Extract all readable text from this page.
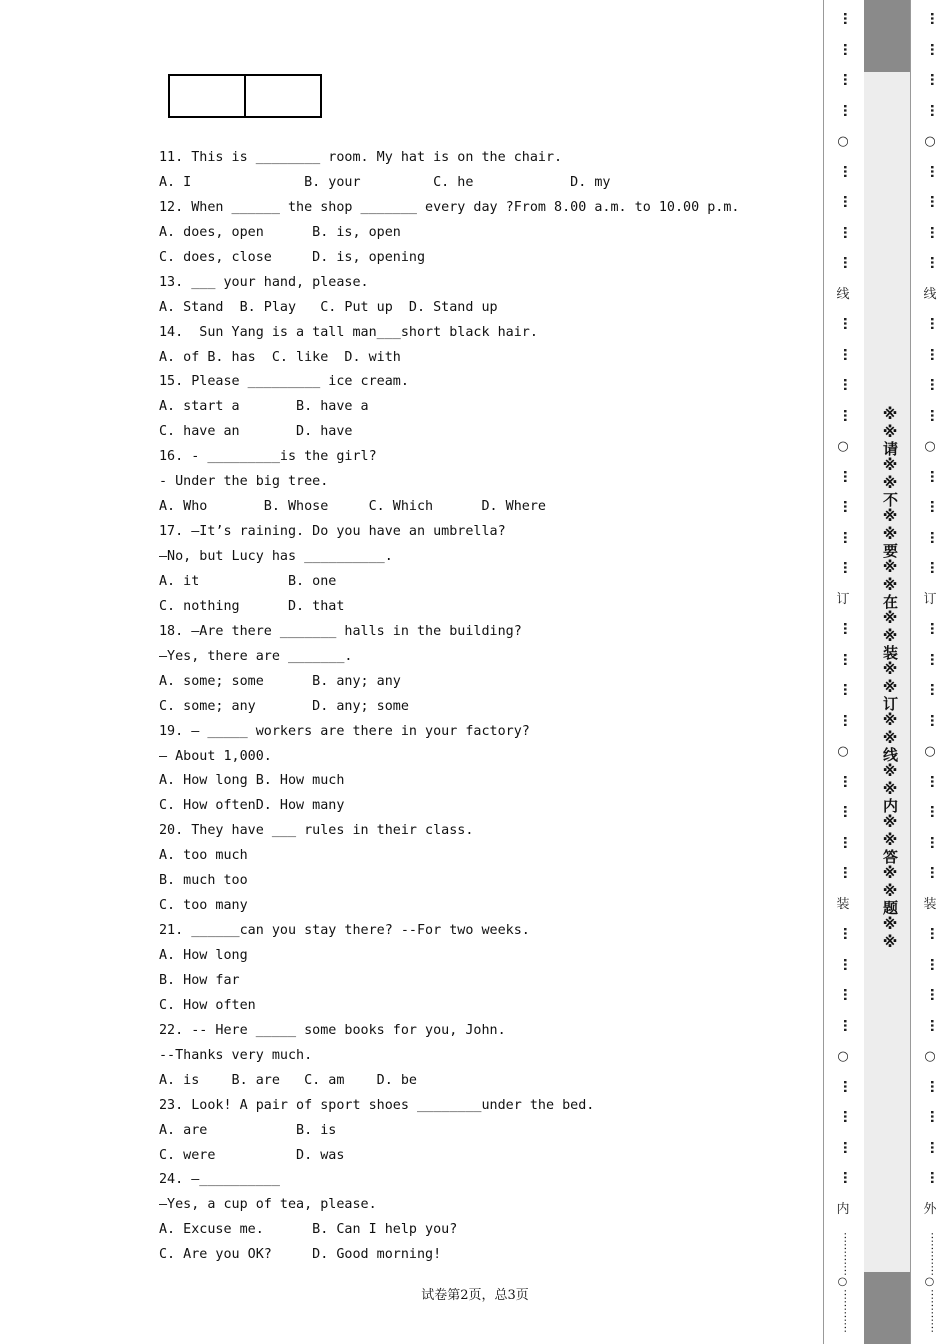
11. This is ________ room. My hat is on the chair.
A. I              B. your         C. he            D. my
12. When ______ the shop _______ every day ?From 8.00 a.m. to 10.00 p.m.
A. does, open      B. is, open
C. does, close     D. is, opening
13. ___ your hand, please.
A. Stand  B. Play   C. Put up  D. Stand up
14.  Sun Yang is a tall man___short black hair.
A. of B. has  C. like  D. with
15. Please _________ ice cream.
A. start a       B. have a
C. have an       D. have
16. - _________is the girl?
- Under the big tree.
A. Who       B. Whose     C. Which      D. Where
17. —It’s raining. Do you have an umbrella?
—No, but Lucy has __________.
A. it           B. one
C. nothing      D. that
18. —Are there _______ halls in the building?
—Yes, there are _______.
A. some; some      B. any; any
C. some; any       D. any; some
19. — _____ workers are there in your factory?
— About 1,000.
A. How long B. How much
C. How oftenD. How many
20. They have ___ rules in their class.
A. too much
B. much too
C. too many
21. ______can you stay there? --For two weeks.
A. How long
B. How far
C. How often
22. -- Here _____ some books for you, John.
--Thanks very much.
A. is    B. are   C. am    D. be
23. Look! A pair of sport shoes ________under the bed.
A. are           B. is
C. were          D. was
24. —__________
—Yes, a cup of tea, please.
A. Excuse me.      B. Can I help you?
C. Are you OK?     D. Good morning!
试卷第2页，总3页
…
…
…
…
○
…
…
…
…
线
…
…
…
…
○
…
…
…
…
订
…
…
…
…
○
…
…
…
…
装
…
…
…
…
○
…
…
…
…
内
…………○…………
※※请※※不※※要※※在※※装※※订※※线※※内※※答※※题※※
…
…
…
…
○
…
…
…
…
线
…
…
…
…
○
…
…
…
…
订
…
…
…
…
○
…
…
…
…
装
…
…
…
…
○
…
…
…
…
外
…………○…………
